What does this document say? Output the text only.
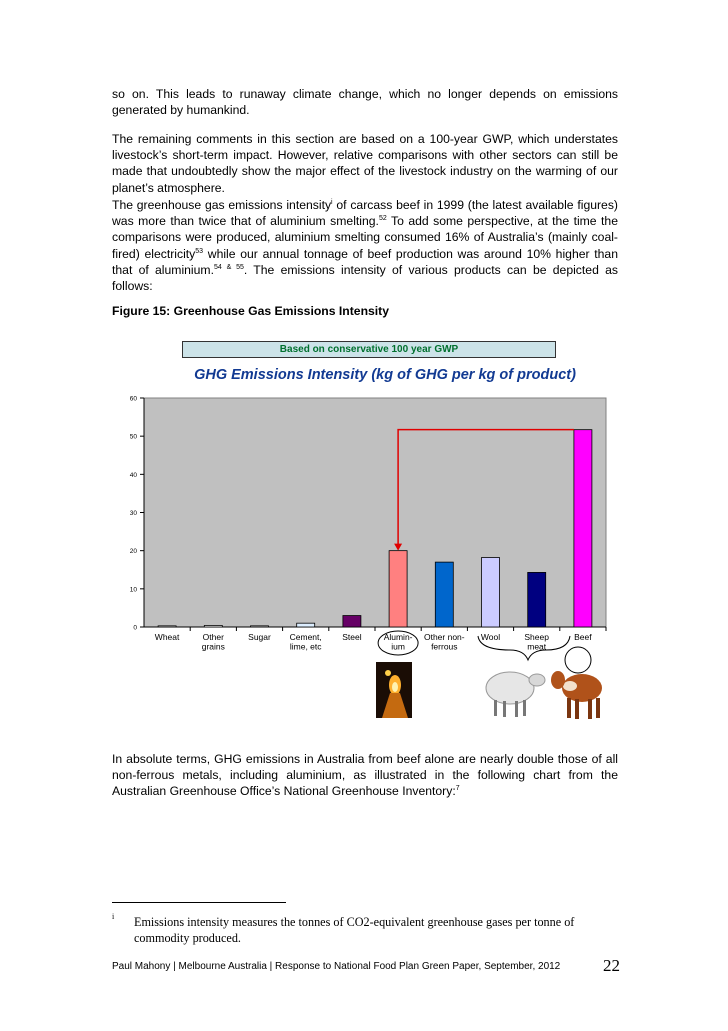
so on. This leads to runaway climate change, which no longer depends on emissions generated by humankind.

The remaining comments in this section are based on a 100-year GWP, which understates livestock’s short-term impact. However, relative comparisons with other sectors can still be made that undoubtedly show the major effect of the livestock industry on the warming of our planet’s atmosphere.

The greenhouse gas emissions intensity$^i$ of carcass beef in 1999 (the latest available figures) was more than twice that of aluminium smelting.$^{52}$ To add some perspective, at the time the comparisons were produced, aluminium smelting consumed 16% of Australia’s (mainly coal-fired) electricity$^{53}$ while our annual tonnage of beef production was around 10% higher than that of aluminium.$^{54 \& 55}$. The emissions intensity of various products can be depicted as follows:

Figure 15: Greenhouse Gas Emissions Intensity
Based on conservative 100 year GWP
GHG Emissions Intensity (kg of GHG per kg of product)
0
10
20
30
40
50
60
Wheat	Other grains
Sugar Cement, lime, etc
Steel	Alumin-ium
Other non-ferrous
Wool	Sheep meat
Beef

In absolute terms, GHG emissions in Australia from beef alone are nearly double those of all non-ferrous metals, including aluminium, as illustrated in the following chart from the Australian Greenhouse Office’s National Greenhouse Inventory:$^7$

i Emissions intensity measures the tonnes of CO2-equivalent greenhouse gases per tonne of commodity produced.
Paul Mahony | Melbourne Australia | Response to National Food Plan Green Paper, September, 2012	22
